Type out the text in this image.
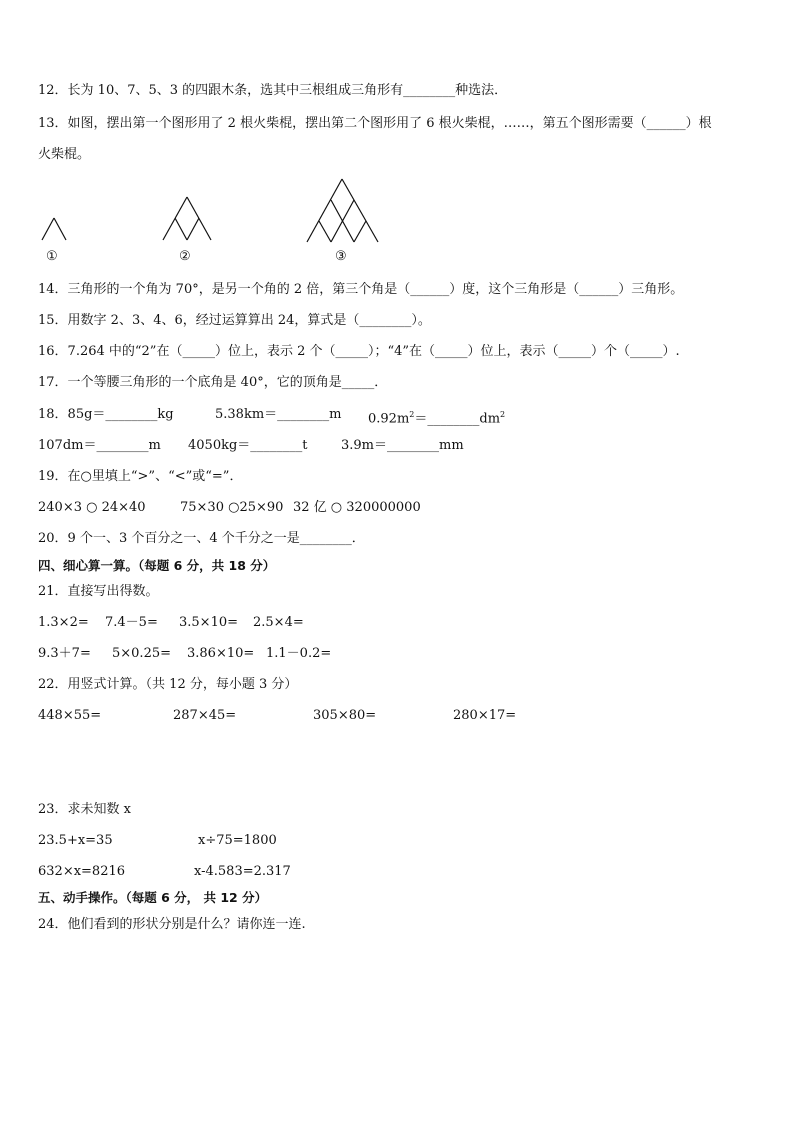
12．长为 10、7、5、3 的四跟木条，选其中三根组成三角形有________种选法．
13．如图，摆出第一个图形用了 2 根火柴棍，摆出第二个图形用了 6 根火柴棍，……，第五个图形需要（______）根
火柴棍。
①	②	③
14．三角形的一个角为 70°，是另一个角的 2 倍，第三个角是（______）度，这个三角形是（______）三角形。
15．用数字 2、3、4、6，经过运算算出 24，算式是（________）。
16．7.264 中的“2”在（_____）位上，表示 2 个（_____）；“4”在（_____）位上，表示（_____）个（_____）.
17．一个等腰三角形的一个底角是 40°，它的顶角是_____．
18．85g＝________kg	5.38km＝________m $0.92m^2=\_\_\_\_\_\_\_\_dm^2$
107dm＝________m 4050kg＝________t	3.9m＝________mm
19．在○里填上“>”、“<”或“=”．
240×3 ○ 24×40	75×30 ○25×90 32 亿 ○ 320000000
20．9 个一、3 个百分之一、4 个千分之一是________．
四、细心算一算。（每题 6 分，共 18 分）
21．直接写出得数。
1.3×2= 7.4－5= 3.5×10= 2.5×4=
9.3＋7= 5×0.25= 3.86×10= 1.1－0.2=
22．用竖式计算。（共 12 分，每小题 3 分）
448×55=	287×45=	305×80=	280×17=
23．求未知数 x
23.5+x=35	x÷75=1800
632×x=8216	x-4.583=2.317
五、动手操作。（每题 6 分， 共 12 分）
24．他们看到的形状分别是什么？请你连一连.
